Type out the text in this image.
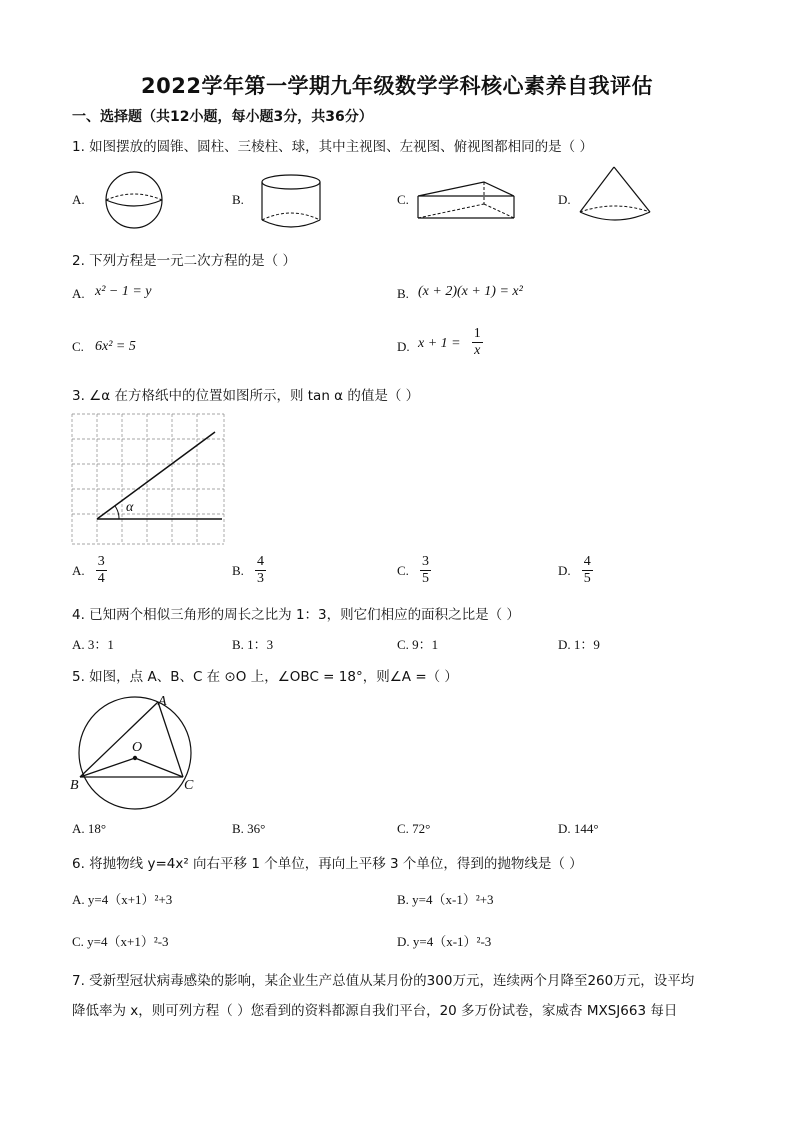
2022学年第一学期九年级数学学科核心素养自我评估
一、选择题（共12小题，每小题3分，共36分）
1. 如图摆放的圆锥、圆柱、三棱柱、球，其中主视图、左视图、俯视图都相同的是（ ）
A.	B.	C.	D.
2. 下列方程是一元二次方程的是（ ）
A. x² − 1 = y	B. (x + 2)(x + 1) = x²
C. 6x² = 5	D. $x + 1 = \frac{1}{x}$
3. ∠α 在方格纸中的位置如图所示，则 tan α 的值是（ ）
α
A. $\frac{3}{4}$	B. $\frac{4}{3}$	C. $\frac{3}{5}$	D. $\frac{4}{5}$
4. 已知两个相似三角形的周长之比为 1：3，则它们相应的面积之比是（ ）
A. 3：1	B. 1：3	C. 9：1	D. 1：9
5. 如图，点 A、B、C 在 ⊙O 上，∠OBC = 18°，则∠A =（ ）
A
O
B	C
A. 18°	B. 36°	C. 72°	D. 144°
6. 将抛物线 y=4x² 向右平移 1 个单位，再向上平移 3 个单位，得到的抛物线是（ ）
A. y=4（x+1）²+3	B. y=4（x-1）²+3
C. y=4（x+1）²-3	D. y=4（x-1）²-3
7. 受新型冠状病毒感染的影响，某企业生产总值从某月份的300万元，连续两个月降至260万元，设平均
降低率为 x，则可列方程（ ）您看到的资料都源自我们平台，20 多万份试卷，家威杏 MXSJ663 每日
